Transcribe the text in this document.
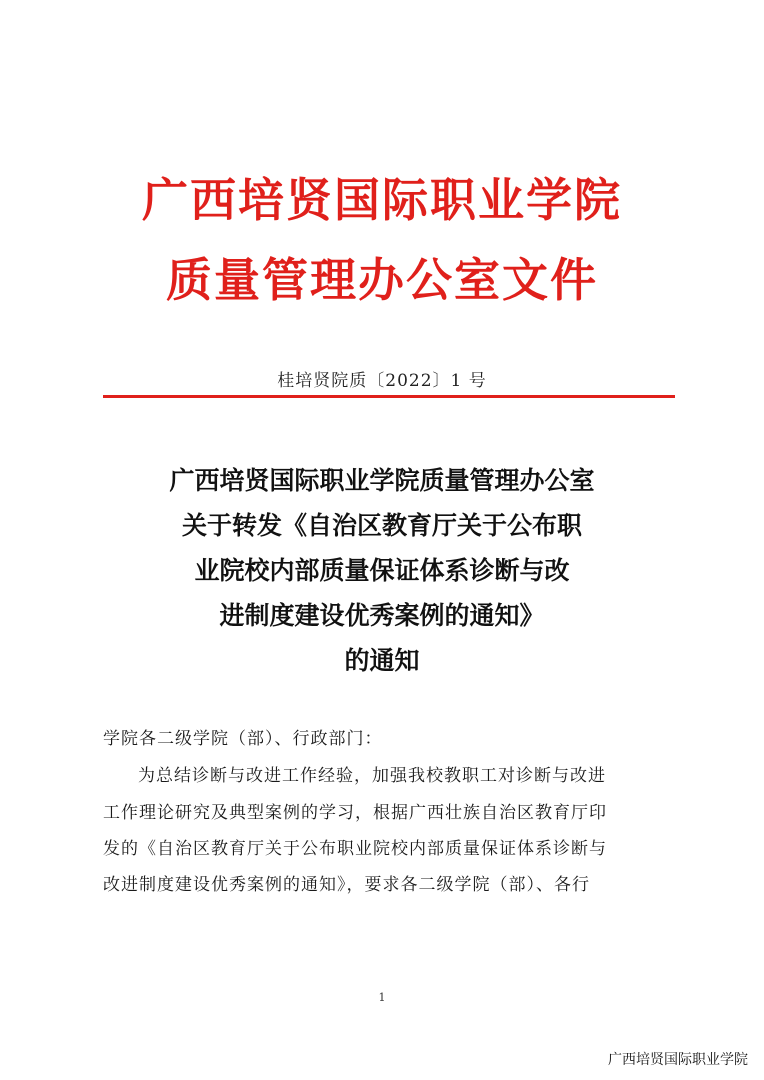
广西培贤国际职业学院
质量管理办公室文件
桂培贤院质〔2022〕1 号
广西培贤国际职业学院质量管理办公室
关于转发《自治区教育厅关于公布职
业院校内部质量保证体系诊断与改
进制度建设优秀案例的通知》
的通知
学院各二级学院（部）、行政部门：
为总结诊断与改进工作经验，加强我校教职工对诊断与改进
工作理论研究及典型案例的学习，根据广西壮族自治区教育厅印
发的《自治区教育厅关于公布职业院校内部质量保证体系诊断与
改进制度建设优秀案例的通知》，要求各二级学院（部）、各行
1
广西培贤国际职业学院
